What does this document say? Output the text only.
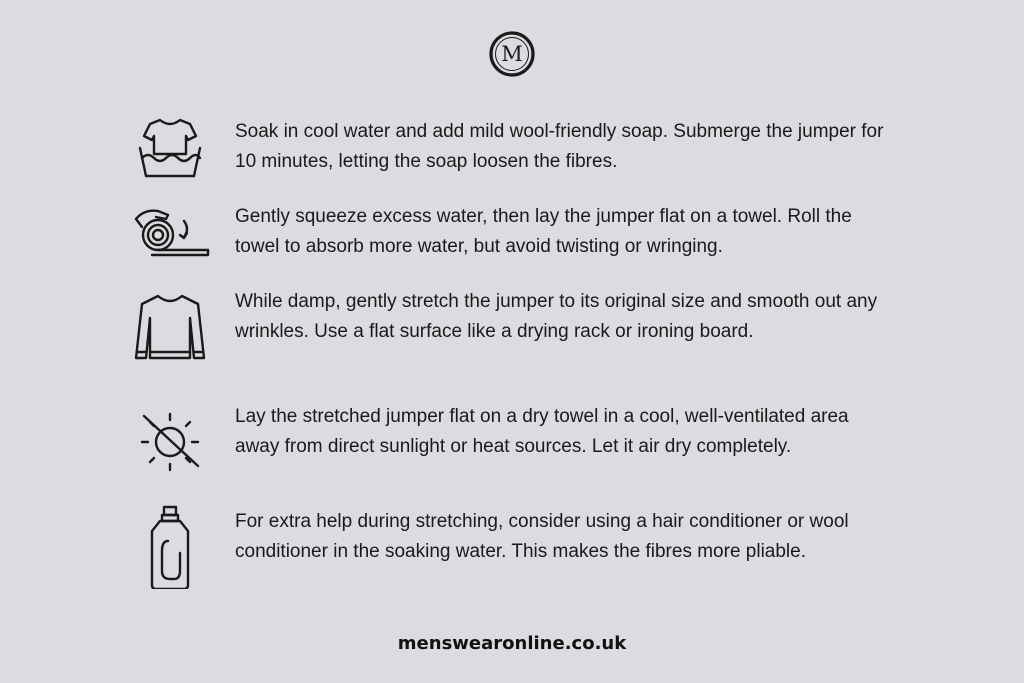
M

Soak in cool water and add mild wool-friendly soap. Submerge the jumper for 10 minutes, letting the soap loosen the fibres.

Gently squeeze excess water, then lay the jumper flat on a towel. Roll the towel to absorb more water, but avoid twisting or wringing.

While damp, gently stretch the jumper to its original size and smooth out any wrinkles. Use a flat surface like a drying rack or ironing board.

Lay the stretched jumper flat on a dry towel in a cool, well-ventilated area away from direct sunlight or heat sources. Let it air dry completely.

For extra help during stretching, consider using a hair conditioner or wool conditioner in the soaking water. This makes the fibres more pliable.

menswearonline.co.uk
